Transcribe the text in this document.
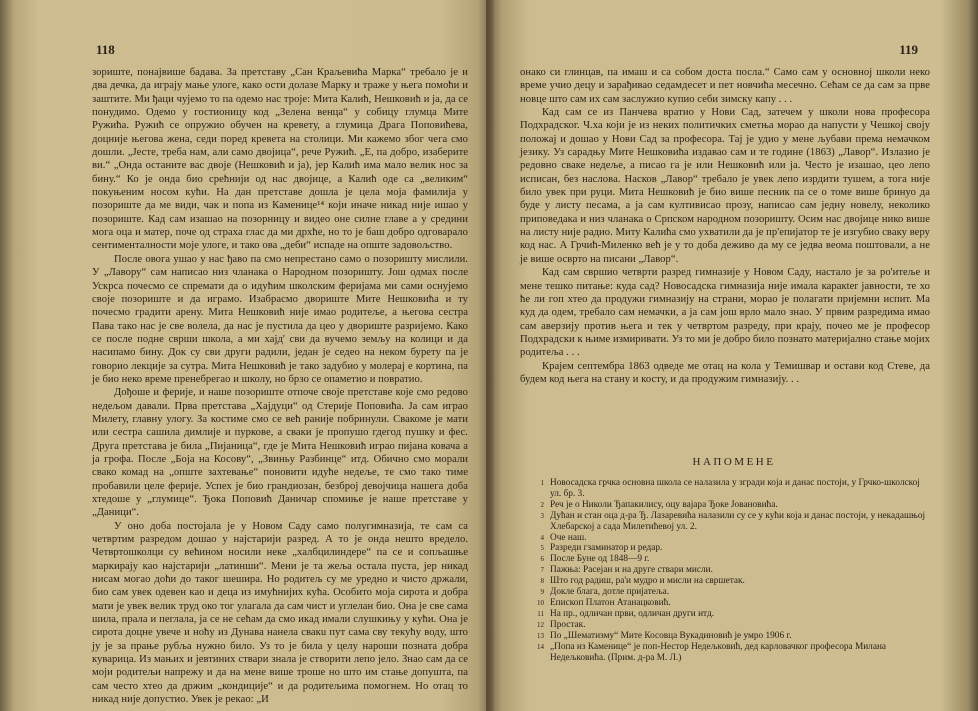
118

зориште, понајвише бадава. За претставу „Сан Краљевића Марка“ требало је и два дечка, да играју мање улоге, како ости долазе Марку и траже у њега помоћи и заштите. Ми ђаци чујемо то па одемо нас троје: Мита Калић, Нешковић и ја, да се понудимо. Одемо у гостионицу код „Зелена венца“ у собицу глумца Мите Ружића. Ружић се опружио обучен на кревету, а глумица Драга Поповићева, доцније његова жена, седи поред кревета на столици. Ми кажемо због чега смо дошли. „Јесте, треба нам, али само двојица“, рече Ружић. „Е, па добро, изаберите ви.“ „Онда останите вас двоје (Нешковић и ја), јер Калић има мало велик нос за бину.“ Ко је онда био срећнији од нас двојице, а Калић оде са „великим“ покуњеним носом кући. На дан претставе дошла је цела моја фамилија у позориште да ме види, чак и попа из Каменице¹⁴ који иначе никад није ишао у позориште. Кад сам изашао на позорницу и видео оне силне главе а у средини мога оца и матер, поче од страха глас да ми дрхће, но то је баш добро одговарало сентименталности моје улоге, и тако ова „деби“ испаде на опште задовољство.

После овога ушао у нас ђаво па смо непрестано само о позоришту мислили. У „Лавору“ сам написао низ чланака о Народном позоришту. Још одмах после Ускрса почесмо се спремати да о идућим школским феријама ми сами оснујемо своје позориште и да играмо. Изабрасмо двориште Мите Нешковића и ту почесмо градити арену. Мита Нешковић није имао родитеље, а његова сестра Пава тако нас је све волела, да нас је пустила да цео у двориште разријемо. Како се после подне сврши школа, а ми хајд' сви да вучемо земљу на колици и да насипамо бину. Док су сви други радили, један је седео на неком бурету па је говорио лекције за сутра. Мита Нешковић је тако задубио у молерај е кортина, па је био неко време пренебрегао и школу, но брзо се опаметио и повратио.

Дођоше и ферије, и наше позориште отпоче своје претставе које смо редово недељом давали. Прва претстава „Хајдуци“ од Стерије Поповића. Ја сам играо Милету, главну улогу. За костиме смо се већ раније побринули. Свакоме је мати или сестра сашила димлије и пуркове, а сваки је пропушо гдегод пушку и фес. Друга претстава је била „Пијаница“, где је Мита Нешковић играо пијана ковача а ја грофа. После „Боја на Косову“, „Звиньу Разбинце“ итд. Обично смо морали свако комад на „општe захтевање“ поновити идуће недеље, те смо тако тиме пробавили целе ферије. Успех је био грандиозан, безброј девојчица нашега доба хтедоше у „глумице“. Ђока Поповић Даничар спомиње је наше претставе у „Даници“.

У оно доба постојала је у Новом Саду само полугимназија, те сам са четвртим разредом дошао у најстарији разред. А то је онда нешто вредело. Четвртошколци су већином носили неке „халбцилиндере“ па се и сопљашње маркирају као најстарији „латинши“. Мени је та жеља остала пуста, јер никад нисам могао доћи до таког шешира. Но родитељ су ме уредно и чисто држали, био сам увек одевен као и деца из имућнијих кућа. Особито моја сирота и добра мати је увек велик труд око тог улагала да сам чист и углелан био. Она је све сама шила, прала и пеглала, ја се не сећам да смо икад имали слушкињу у кући. Она је сирота доцне увече и ноћу из Дунава нанела свакu пут сама сву текућу воду, што ју је за прање рубља нужно било. Уз то је била у целу нароши позната добра куварица. Из мањих и јевтиних ствари знала је створити лепо јело. Знао сам да се моји родитељи напрежу и да на мене више троше но што им стање допушта, па сам често хтео да држим „кондиције“ и да родитељима помогнем. Но отац то никад није допустио. Увек је рекао: „И

119

онако си глинцав, па имаш и са собом доста посла.“ Само сам у основној школи неко време учио децу и зарађивао седамдесет и пет новчића месечно. Сећам се да сам за прве новце што сам их сам заслужио купио себи зимску капу . . .

Кад сам се из Панчева вратио у Нови Сад, затечем у школи нова професора Подхрадског. Ч.ха који је из неких политичких сметња морао да напусти у Чешкој своју положај и дошао у Нови Сад за професора. Тај је удио у мене љубави према немачком језику. Уз сарадњу Мите Нешковића издавао сам и те године (1863) „Лавор“. Излазио је редовно сваке недеље, а писао га је или Нешковић или ја. Често је изашао, цео лепо исписан, без насловa. Насков „Лавор“ требало је увек лепо изрдити тушем, а тога није било увек при руци. Мита Нешковић је био више песник па се о томе више бринуо да буде у листу песама, а ја сам култивисао прозу, написао сам једну новелу, неколико приповедака и низ чланака о Српском народном позоришту. Осим нас двојице нико више на листу није радио. Миту Калића смо ухватили да је пр'епијатор те је изгубио сваку веру код нас. А Грчић-Миленко већ је у то доба деживо да му се једва веома поштовали, а не је више осврто на писани „Лавор“.

Кад сам свршио четврти разред гимназије у Новом Саду, настало је за ро'итеље и мене тешко питање: куда сад? Новосадска гимназија није имала каракter јавности, те хо ће ли гоп хтео да продужи гимназију на страни, морао је полагати пријемни испит. Ма куд да одем, требало сам немачки, а ја сам још врло мало знао. У првим разредима имао сам аверзију против њега и тек у четвртом разреду, при крају, почео ме је професор Подхрадски к њиме измиривати. Уз то ми је добро било познато материјално стање мојих родитеља . . .

Крајем септембра 1863 одведе ме отац на кола у Темишвар и остави код Стеве, да будем код њега на стану и косту, и да продужим гимназију. . .

НАПОМЕНЕ
1 Новосадска грчка основна школа се налазила у згради која и данас постоји, у Грчко-школској ул. бр. 3.
2 Реч је о Николи Ђапакилису, оцу вајара Ђоке Јовановића.
3 Дућан и стан оца д-ра Ђ. Лазаревића налазили су се у кући која и данас постоји, у некадашњој Хлебарској а сада Милетићевој ул. 2.
4 Оче наш.
5 Разреди гзаминатор и редар.
6 После Буне од 1848—9 г.
7 Пажња: Расејан и на друге ствари мисли.
8 Што год радиш, ра'и мудро и мисли на свршетак.
9 Докле блага, дотле пријатеља.
10 Епископ Платон Атанацковић.
11 На пр., одличан први, одличан други итд.
12 Простак.
13 По „Шематизму“ Мите Косовца Вукадиновић је умро 1906 г.
14 „Попа из Каменице“ је поп-Нестор Недељковић, дед карловачког професора Милана Недељковића. (Прим. д-ра М. Л.)
